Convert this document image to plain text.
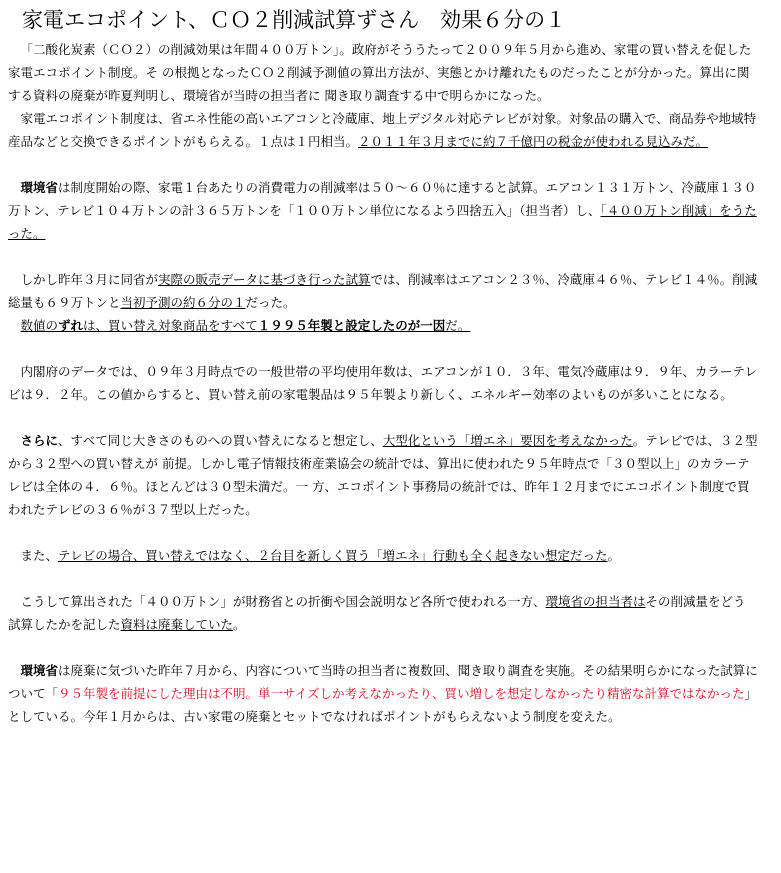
家電エコポイント、ＣＯ２削減試算ずさん　効果６分の１

「二酸化炭素（ＣＯ２）の削減効果は年間４００万トン」。政府がそううたって２００９年５月から進め、家電の買い替えを促した家電エコポイント制度。そ の根拠となったＣＯ２削減予測値の算出方法が、実態とかけ離れたものだったことが分かった。算出に関する資料の廃棄が昨夏判明し、環境省が当時の担当者に 聞き取り調査する中で明らかになった。

家電エコポイント制度は、省エネ性能の高いエアコンと冷蔵庫、地上デジタル対応テレビが対象。対象品の購入で、商品券や地域特産品などと交換できるポイントがもらえる。１点は１円相当。２０１１年３月までに約７千億円の税金が使われる見込みだ。

環境省は制度開始の際、家電１台あたりの消費電力の削減率は５０～６０％に達すると試算。エアコン１３１万トン、冷蔵庫１３０万トン、テレビ１０４万トンの計３６５万トンを「１００万トン単位になるよう四捨五入」（担当者）し、「４００万トン削減」をうたった。

しかし昨年３月に同省が実際の販売データに基づき行った試算では、削減率はエアコン２３％、冷蔵庫４６％、テレビ１４％。削減総量も６９万トンと当初予測の約６分の１だった。

数値のずれは、買い替え対象商品をすべて１９９５年製と設定したのが一因だ。

内閣府のデータでは、０９年３月時点での一般世帯の平均使用年数は、エアコンが１０．３年、電気冷蔵庫は９．９年、カラーテレビは９．２年。この値からすると、買い替え前の家電製品は９５年製より新しく、エネルギー効率のよいものが多いことになる。

さらに、すべて同じ大きさのものへの買い替えになると想定し、大型化という「増エネ」要因を考えなかった。テレビでは、３２型から３２型への買い替えが 前提。しかし電子情報技術産業協会の統計では、算出に使われた９５年時点で「３０型以上」のカラーテレビは全体の４．６％。ほとんどは３０型未満だ。一 方、エコポイント事務局の統計では、昨年１２月までにエコポイント制度で買われたテレビの３６％が３７型以上だった。

また、テレビの場合、買い替えではなく、２台目を新しく買う「増エネ」行動も全く起きない想定だった。

こうして算出された「４００万トン」が財務省との折衝や国会説明など各所で使われる一方、環境省の担当者はその削減量をどう試算したかを記した資料は廃棄していた。

環境省は廃棄に気づいた昨年７月から、内容について当時の担当者に複数回、聞き取り調査を実施。その結果明らかになった試算について「９５年製を前提にした理由は不明。単一サイズしか考えなかったり、買い増しを想定しなかったり精密な計算ではなかった」としている。今年１月からは、古い家電の廃棄とセットでなければポイントがもらえないよう制度を変えた。
